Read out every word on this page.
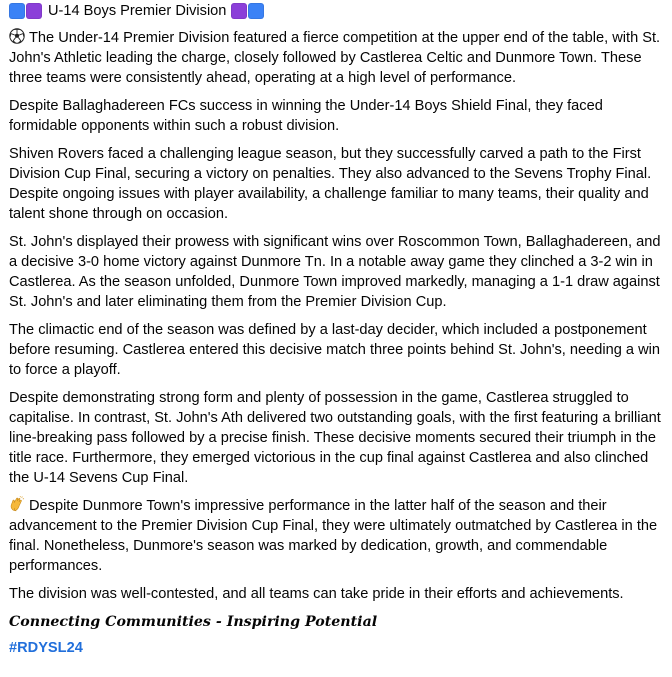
U-14 Boys Premier Division

The Under-14 Premier Division featured a fierce competition at the upper end of the table, with St. John's Athletic leading the charge, closely followed by Castlerea Celtic and Dunmore Town. These three teams were consistently ahead, operating at a high level of performance.

Despite Ballaghadereen FCs success in winning the Under-14 Boys Shield Final, they faced formidable opponents within such a robust division.

Shiven Rovers faced a challenging league season, but they successfully carved a path to the First Division Cup Final, securing a victory on penalties. They also advanced to the Sevens Trophy Final. Despite ongoing issues with player availability, a challenge familiar to many teams, their quality and talent shone through on occasion.

St. John's displayed their prowess with significant wins over Roscommon Town, Ballaghadereen, and a decisive 3-0 home victory against Dunmore Tn. In a notable away game they clinched a 3-2 win in Castlerea. As the season unfolded, Dunmore Town improved markedly, managing a 1-1 draw against St. John's and later eliminating them from the Premier Division Cup.

The climactic end of the season was defined by a last-day decider, which included a postponement before resuming. Castlerea entered this decisive match three points behind St. John's, needing a win to force a playoff.

Despite demonstrating strong form and plenty of possession in the game, Castlerea struggled to capitalise. In contrast, St. John's Ath delivered two outstanding goals, with the first featuring a brilliant line-breaking pass followed by a precise finish. These decisive moments secured their triumph in the title race. Furthermore, they emerged victorious in the cup final against Castlerea and also clinched the U-14 Sevens Cup Final.

Despite Dunmore Town's impressive performance in the latter half of the season and their advancement to the Premier Division Cup Final, they were ultimately outmatched by Castlerea in the final. Nonetheless, Dunmore's season was marked by dedication, growth, and commendable performances.

The division was well-contested, and all teams can take pride in their efforts and achievements.

Connecting Communities - Inspiring Potential
#RDYSL24
